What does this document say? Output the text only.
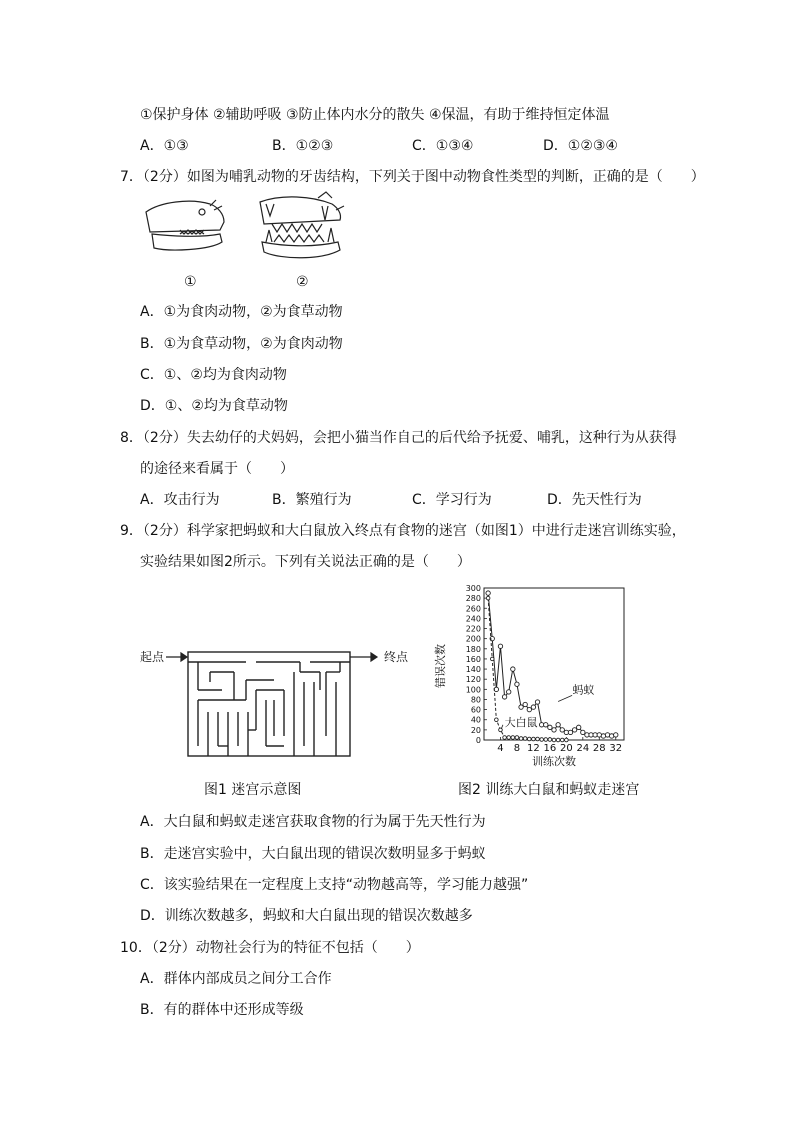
①保护身体 ②辅助呼吸 ③防止体内水分的散失 ④保温，有助于维持恒定体温
A．①③	B．①②③	C．①③④	D．①②③④
7．（2分）如图为哺乳动物的牙齿结构，下列关于图中动物食性类型的判断，正确的是（　　）
①	②
A．①为食肉动物，②为食草动物
B．①为食草动物，②为食肉动物
C．①、②均为食肉动物
D．①、②均为食草动物
8．（2分）失去幼仔的犬妈妈，会把小猫当作自己的后代给予抚爱、哺乳，这种行为从获得
的途径来看属于（　　）
A．攻击行为	B．繁殖行为	C．学习行为	D．先天性行为
9．（2分）科学家把蚂蚁和大白鼠放入终点有食物的迷宫（如图1）中进行走迷宫训练实验，
实验结果如图2所示。下列有关说法正确的是（　　）
起点	终点
图1 迷宫示意图
0
20
40
60
80
100
120
140
160
180
200
220
240
260
280
300
4 8 12 16 20 24 28 32
错误次数
训练次数
蚂蚁
大白鼠
图2 训练大白鼠和蚂蚁走迷宫
A．大白鼠和蚂蚁走迷宫获取食物的行为属于先天性行为
B．走迷宫实验中，大白鼠出现的错误次数明显多于蚂蚁
C．该实验结果在一定程度上支持“动物越高等，学习能力越强”
D．训练次数越多，蚂蚁和大白鼠出现的错误次数越多
10．（2分）动物社会行为的特征不包括（　　）
A．群体内部成员之间分工合作
B．有的群体中还形成等级
